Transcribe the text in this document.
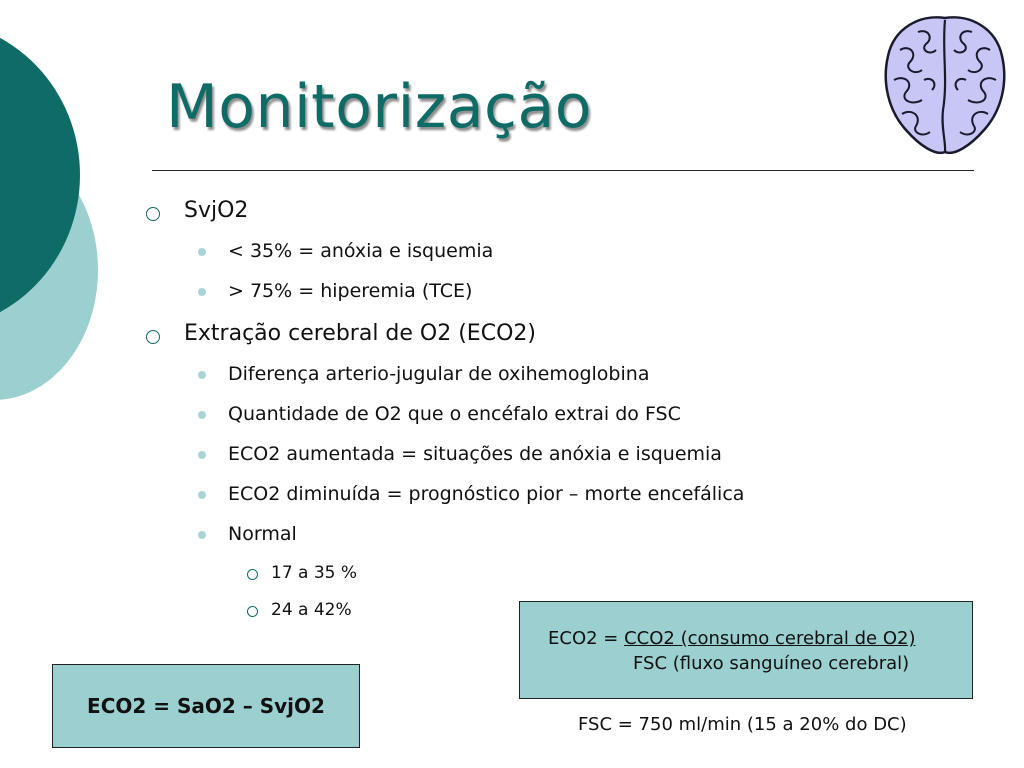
Monitorização
SvjO2
< 35% = anóxia e isquemia
> 75% = hiperemia (TCE)
Extração cerebral de O2 (ECO2)
Diferença arterio-jugular de oxihemoglobina
Quantidade de O2 que o encéfalo extrai do FSC
ECO2 aumentada = situações de anóxia e isquemia
ECO2 diminuída = prognóstico pior – morte encefálica
Normal
17 a 35 %
24 a 42%
ECO2 = SaO2 – SvjO2
ECO2 = CCO2 (consumo cerebral de O2)
FSC (fluxo sanguíneo cerebral)
FSC = 750 ml/min (15 a 20% do DC)
